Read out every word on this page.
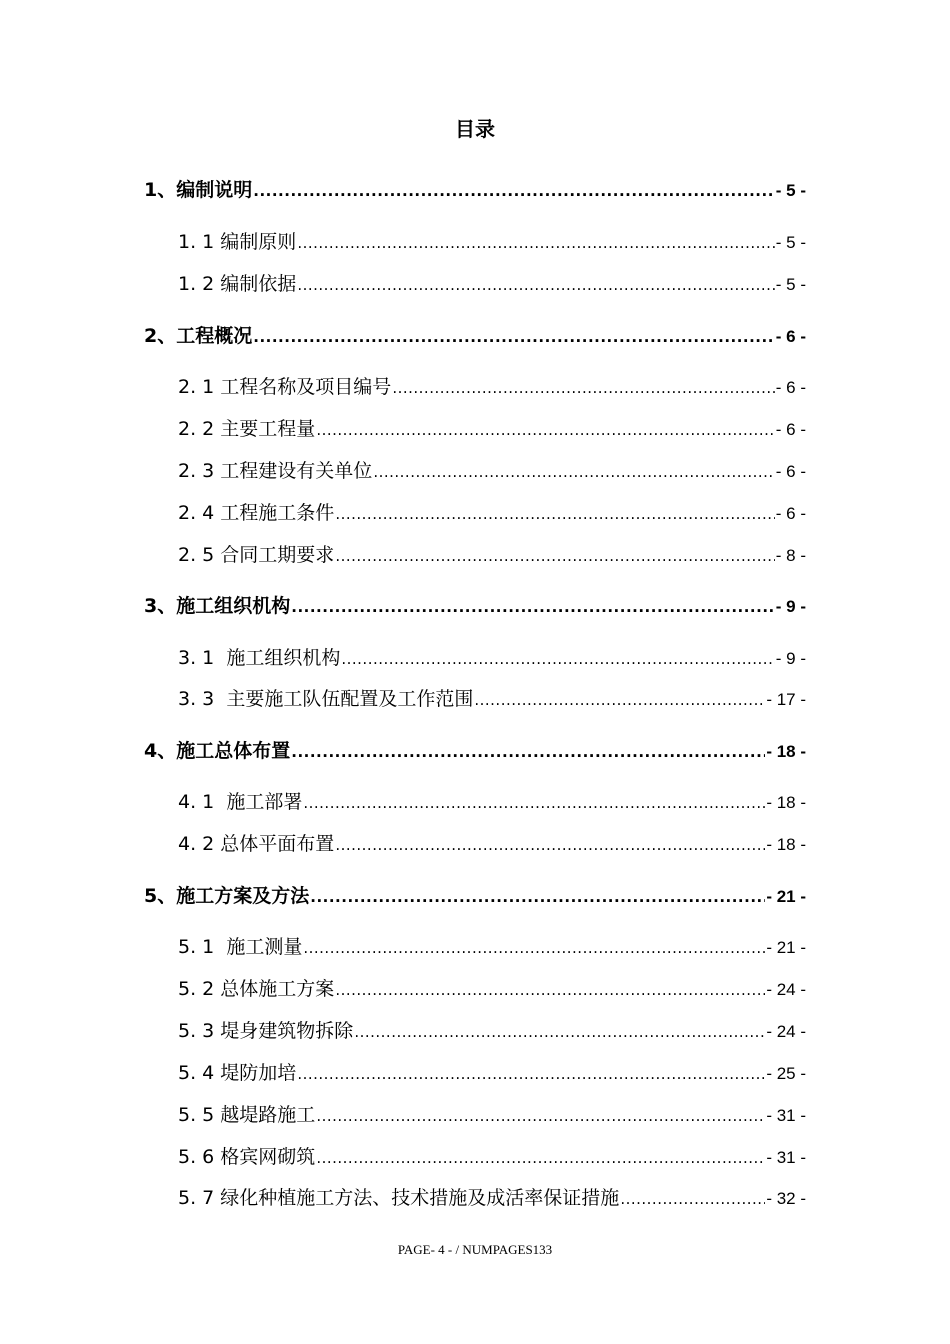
目录
1、 编制说明 .....	- 5 -
1. 1 编制原则 .....	- 5 -
1. 2 编制依据 .....	- 5 -
2、 工程概况 .....	- 6 -
2. 1 工程名称及项目编号 .....	- 6 -
2. 2 主要工程量 .....	- 6 -
2. 3 工程建设有关单位 .....	- 6 -
2. 4 工程施工条件 .....	- 6 -
2. 5 合同工期要求 .....	- 8 -
3、 施工组织机构 .....	- 9 -
3. 1 施工组织机构 .....	- 9 -
3. 3 主要施工队伍配置及工作范围 .....	- 17 -
4、 施工总体布置 .....	- 18 -
4. 1 施工部署 .....	- 18 -
4. 2 总体平面布置 .....	- 18 -
5、 施工方案及方法 .....	- 21 -
5. 1 施工测量 .....	- 21 -
5. 2 总体施工方案 .....	- 24 -
5. 3 堤身建筑物拆除 .....	- 24 -
5. 4 堤防加培 .....	- 25 -
5. 5 越堤路施工 .....	- 31 -
5. 6 格宾网砌筑 .....	- 31 -
5. 7 绿化种植施工方法、技术措施及成活率保证措施 .....	- 32 -
PAGE- 4 - / NUMPAGES133
